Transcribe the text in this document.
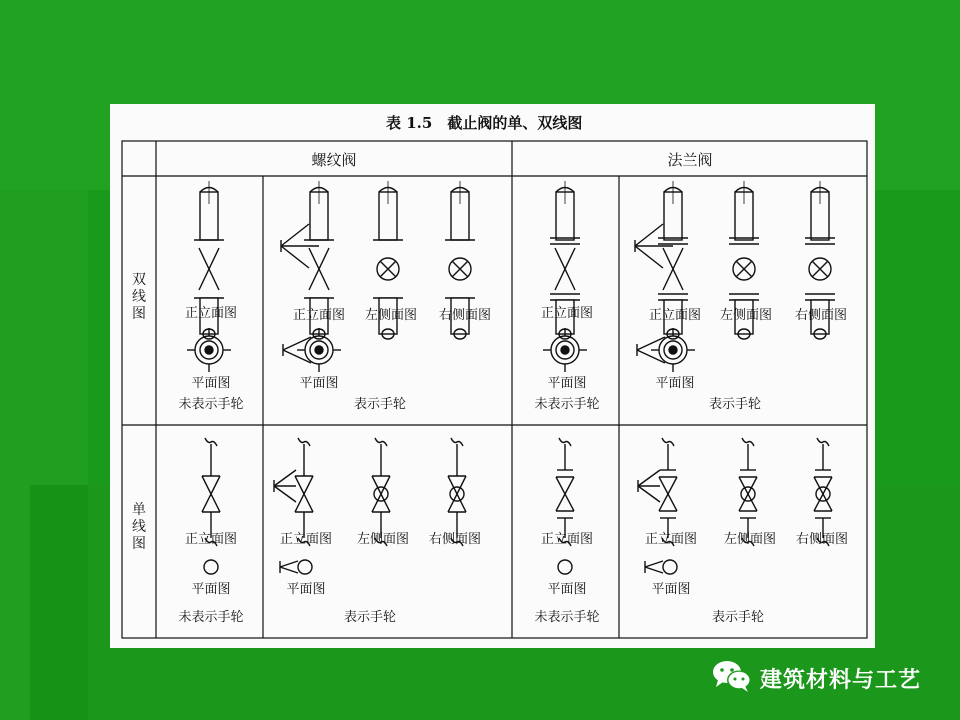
表 1.5　截止阀的单、双线图
螺纹阀	法兰阀
双线图
单线图
正立面图
平面图
未表示手轮
正立面图 左侧面图 右侧面图
平面图
表示手轮
正立面图
平面图
未表示手轮
正立面图 左侧面图 右侧面图
平面图
表示手轮
正立面图
平面图
未表示手轮
正立面图 左侧面图 右侧面图
平面图
表示手轮
正立面图
平面图
未表示手轮
正立面图 左侧面图 右侧面图
平面图
表示手轮
建筑材料与工艺
